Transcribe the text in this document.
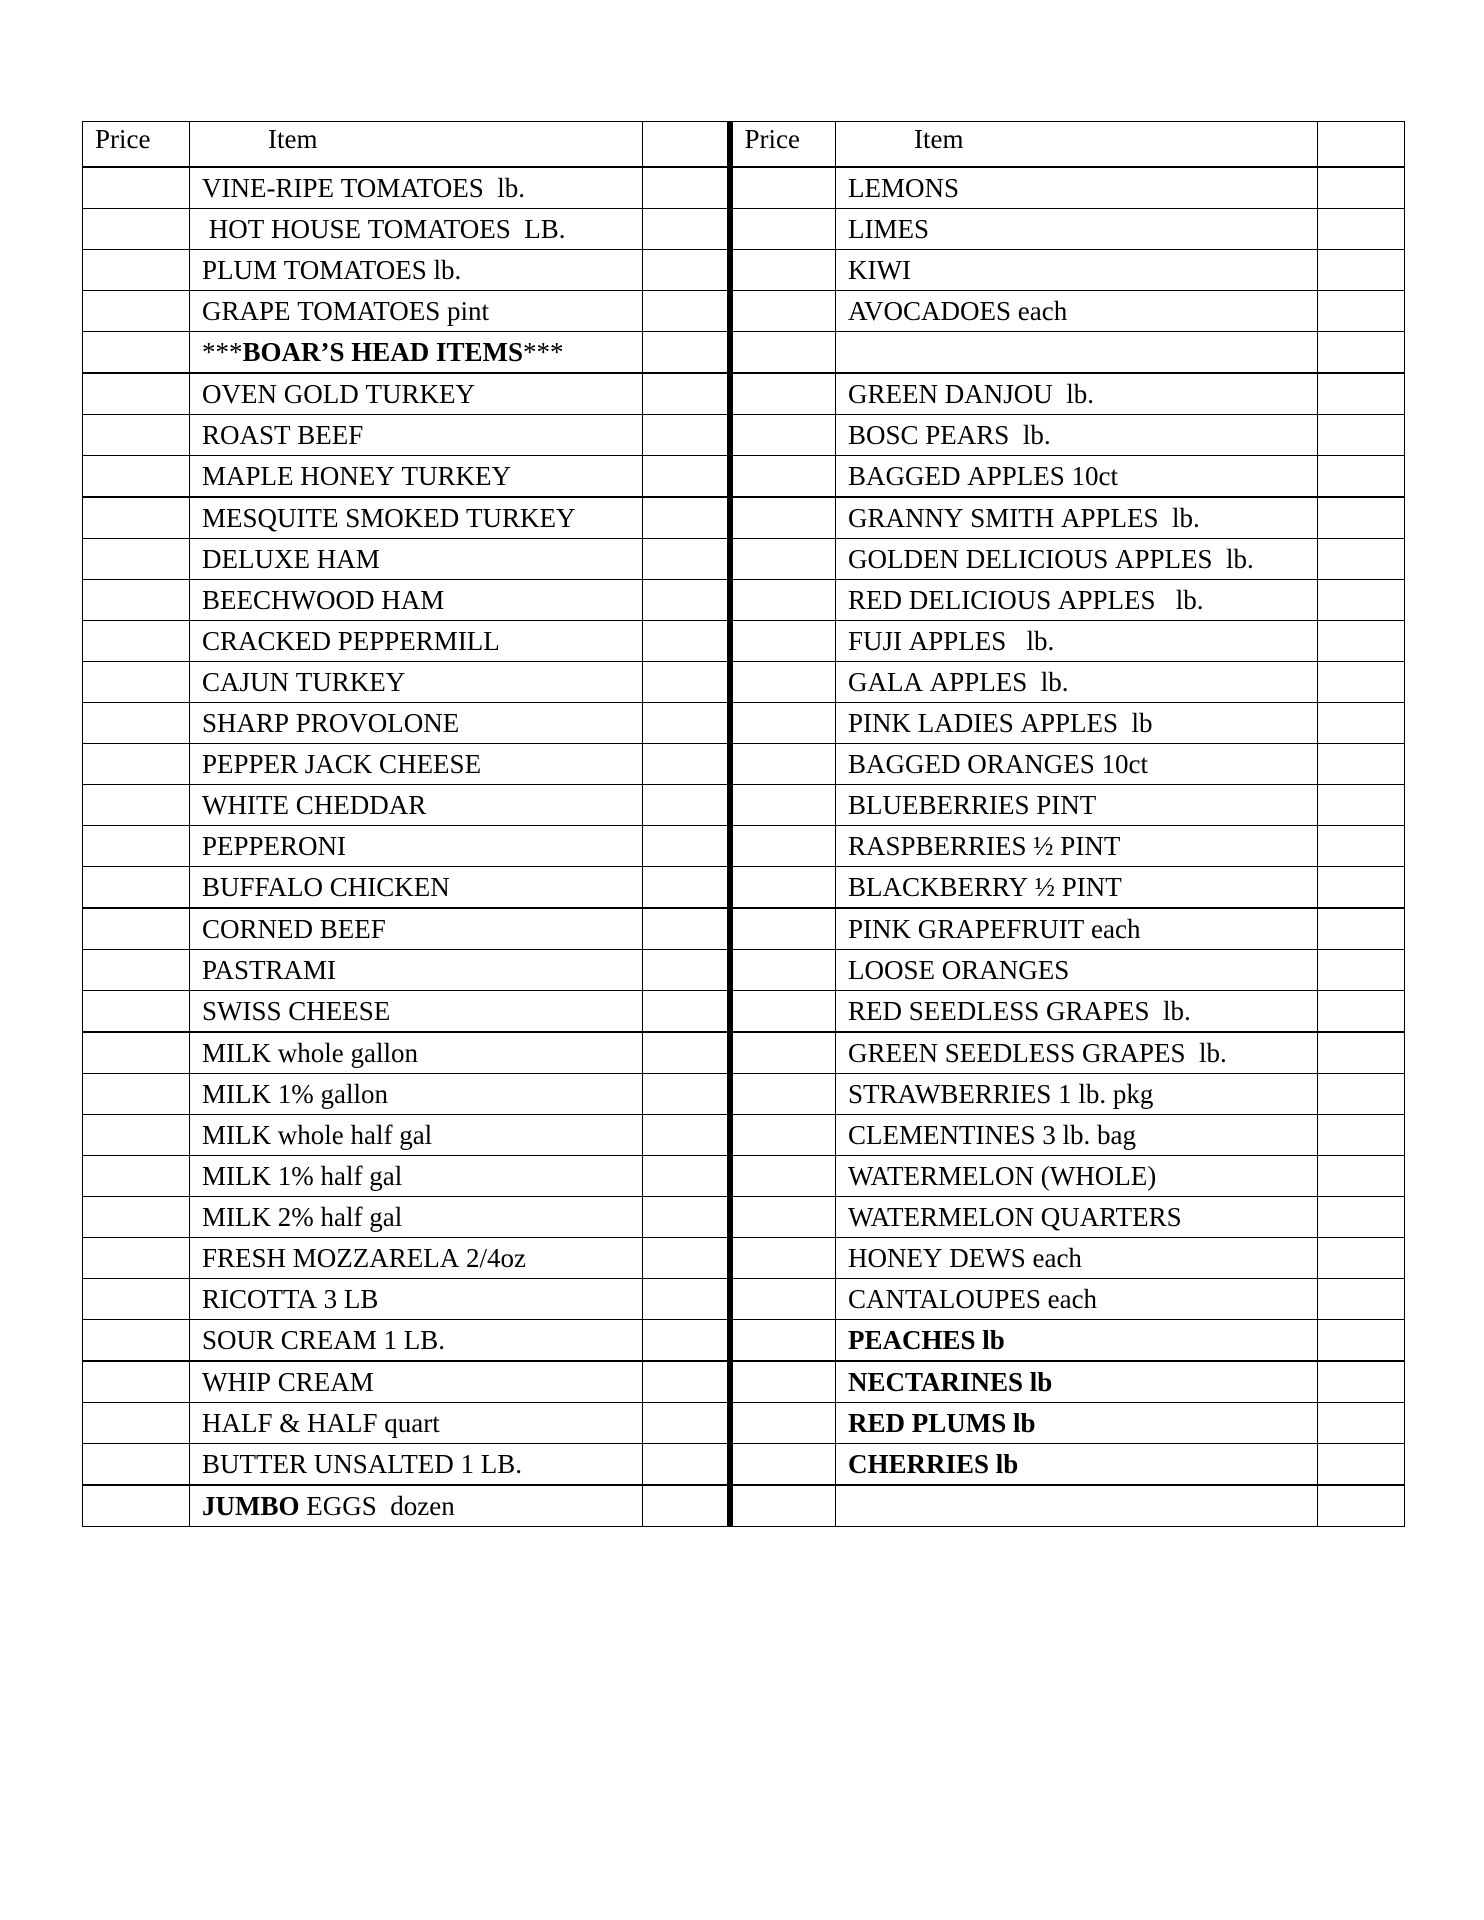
Price	Item		Price	Item	
	VINE-RIPE TOMATOES  lb.			LEMONS	
	HOT HOUSE TOMATOES  LB.			LIMES	
	PLUM TOMATOES lb.			KIWI	
	GRAPE TOMATOES pint			AVOCADOES each	
	***BOAR’S HEAD ITEMS***				
	OVEN GOLD TURKEY			GREEN DANJOU  lb.	
	ROAST BEEF			BOSC PEARS  lb.	
	MAPLE HONEY TURKEY			BAGGED APPLES 10ct	
	MESQUITE SMOKED TURKEY			GRANNY SMITH APPLES  lb.	
	DELUXE HAM			GOLDEN DELICIOUS APPLES  lb.	
	BEECHWOOD HAM			RED DELICIOUS APPLES   lb.	
	CRACKED PEPPERMILL			FUJI APPLES   lb.	
	CAJUN TURKEY			GALA APPLES  lb.	
	SHARP PROVOLONE			PINK LADIES APPLES  lb	
	PEPPER JACK CHEESE			BAGGED ORANGES 10ct	
	WHITE CHEDDAR			BLUEBERRIES PINT	
	PEPPERONI			RASPBERRIES ½ PINT	
	BUFFALO CHICKEN			BLACKBERRY ½ PINT	
	CORNED BEEF			PINK GRAPEFRUIT each	
	PASTRAMI			LOOSE ORANGES	
	SWISS CHEESE			RED SEEDLESS GRAPES  lb.	
	MILK whole gallon			GREEN SEEDLESS GRAPES  lb.	
	MILK 1% gallon			STRAWBERRIES 1 lb. pkg	
	MILK whole half gal			CLEMENTINES 3 lb. bag	
	MILK 1% half gal			WATERMELON (WHOLE)	
	MILK 2% half gal			WATERMELON QUARTERS	
	FRESH MOZZARELA 2/4oz			HONEY DEWS each	
	RICOTTA 3 LB			CANTALOUPES each	
	SOUR CREAM 1 LB.			PEACHES lb	
	WHIP CREAM			NECTARINES lb	
	HALF & HALF quart			RED PLUMS lb	
	BUTTER UNSALTED 1 LB.			CHERRIES lb	
	JUMBO EGGS  dozen				
